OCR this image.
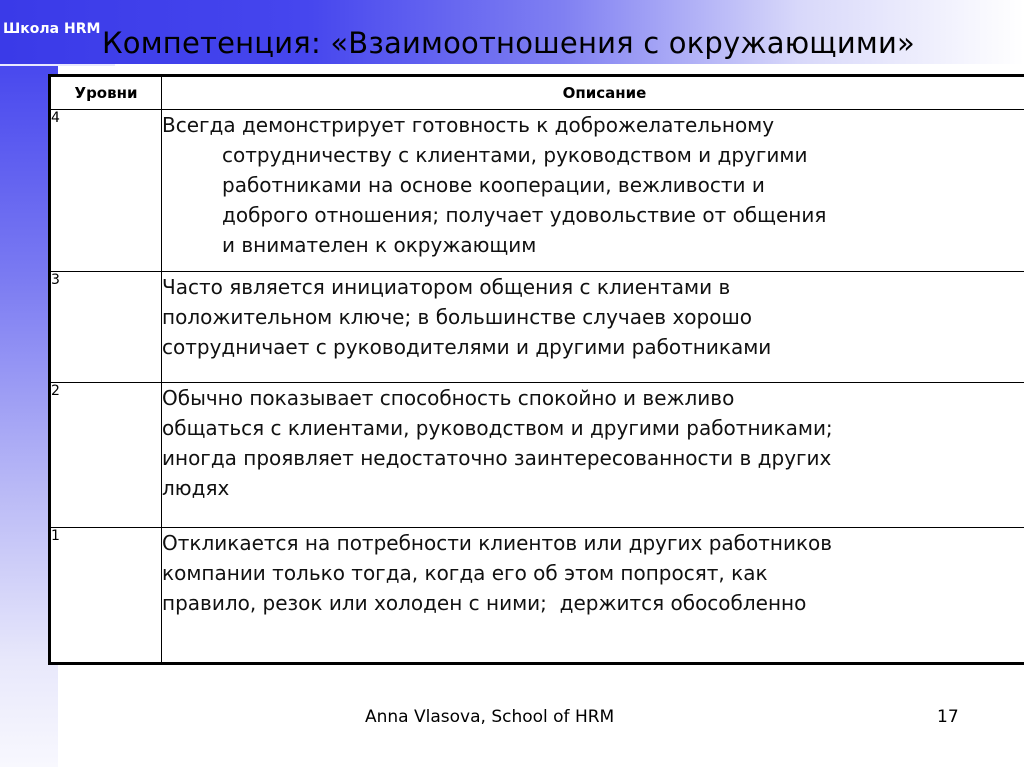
Школа HRM Компетенция: «Взаимоотношения с окружающими»
Уровни	Описание
4	Всегда демонстрирует готовность к доброжелательному
сотрудничеству с клиентами, руководством и другими
работниками на основе кооперации, вежливости и
доброго отношения; получает удовольствие от общения
и внимателен к окружающим

3	Часто является инициатором общения с клиентами в
положительном ключе; в большинстве случаев хорошо
сотрудничает с руководителями и другими работниками

2	Обычно показывает способность спокойно и вежливо
общаться с клиентами, руководством и другими работниками;
иногда проявляет недостаточно заинтересованности в других
людях

1	Откликается на потребности клиентов или других работников
компании только тогда, когда его об этом попросят, как
правило, резок или холоден с ними;  держится обособленно
Anna Vlasova, School of HRM	17
